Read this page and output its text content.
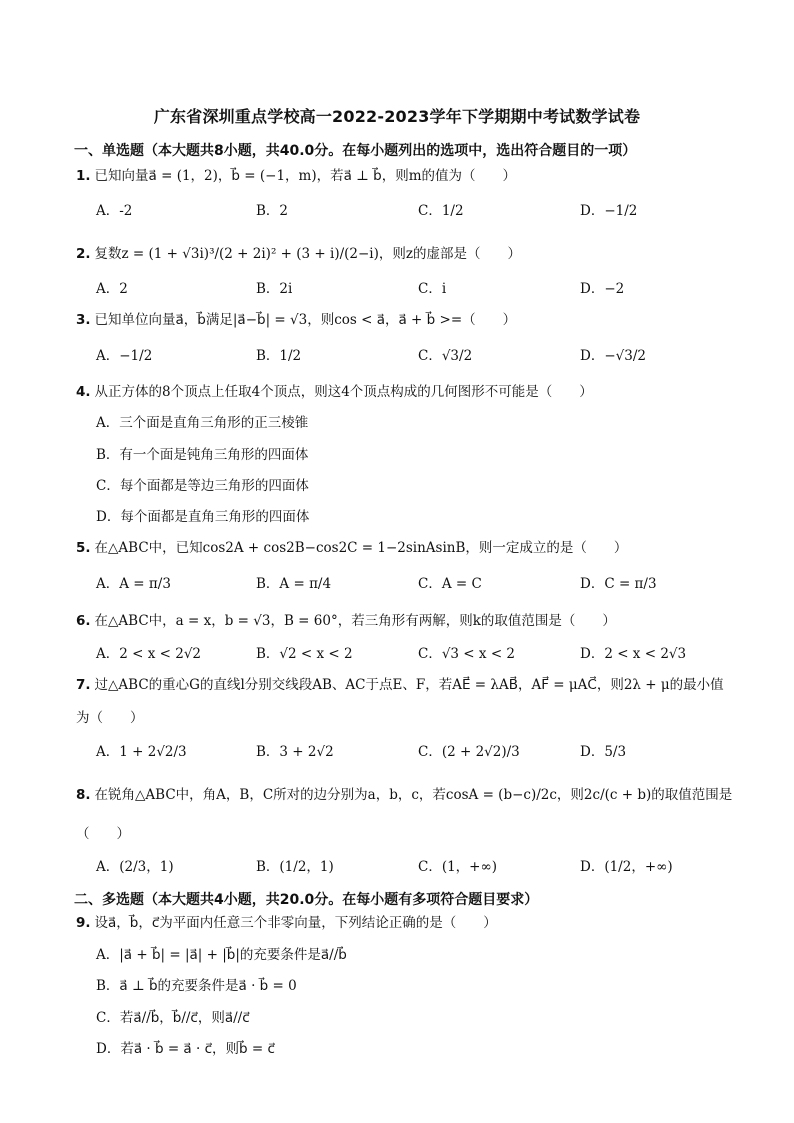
广东省深圳重点学校高一2022-2023学年下学期期中考试数学试卷
一、单选题（本大题共8小题，共40.0分。在每小题列出的选项中，选出符合题目的一项）
1. 已知向量a⃗ = (1，2)，b⃗ = (−1，m)，若a⃗ ⊥ b⃗，则m的值为（　　）
A．-2	B．2	C．1/2	D．−1/2
2. 复数z = (1 + √3i)³/(2 + 2i)² + (3 + i)/(2−i)，则z的虚部是（　　）
A．2	B．2i	C．i	D．−2
3. 已知单位向量a⃗，b⃗满足|a⃗−b⃗| = √3，则cos < a⃗，a⃗ + b⃗ >=（　　）
A．−1/2	B．1/2	C．√3/2	D．−√3/2
4. 从正方体的8个顶点上任取4个顶点，则这4个顶点构成的几何图形不可能是（　　）
A．三个面是直角三角形的正三棱锥
B．有一个面是钝角三角形的四面体
C．每个面都是等边三角形的四面体
D．每个面都是直角三角形的四面体
5. 在△ABC中，已知cos2A + cos2B−cos2C = 1−2sinAsinB，则一定成立的是（　　）
A．A = π/3	B．A = π/4	C．A = C	D．C = π/3
6. 在△ABC中，a = x，b = √3，B = 60°，若三角形有两解，则k的取值范围是（　　）
A．2 < x < 2√2	B．√2 < x < 2	C．√3 < x < 2	D．2 < x < 2√3
7. 过△ABC的重心G的直线l分别交线段AB、AC于点E、F，若AE⃗ = λAB⃗，AF⃗ = μAC⃗，则2λ + μ的最小值
为（　　）
A．1 + 2√2/3	B．3 + 2√2	C．(2 + 2√2)/3	D．5/3
8. 在锐角△ABC中，角A，B，C所对的边分别为a，b，c，若cosA = (b−c)/2c，则2c/(c + b)的取值范围是
（　　）
A．(2/3，1)	B．(1/2，1)	C．(1，+∞)	D．(1/2，+∞)
二、多选题（本大题共4小题，共20.0分。在每小题有多项符合题目要求）
9. 设a⃗，b⃗，c⃗为平面内任意三个非零向量，下列结论正确的是（　　）
A．|a⃗ + b⃗| = |a⃗| + |b⃗|的充要条件是a⃗//b⃗
B．a⃗ ⊥ b⃗的充要条件是a⃗ · b⃗ = 0
C．若a⃗//b⃗，b⃗//c⃗，则a⃗//c⃗
D．若a⃗ · b⃗ = a⃗ · c⃗，则b⃗ = c⃗
